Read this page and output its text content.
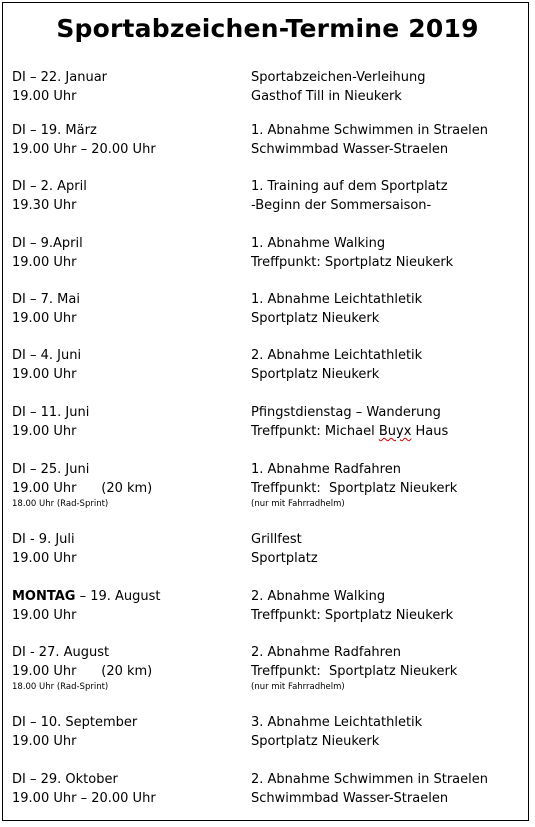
Sportabzeichen-Termine 2019
DI – 22. Januar
19.00 Uhr
Sportabzeichen-Verleihung
Gasthof Till in Nieukerk
DI – 19. März
19.00 Uhr – 20.00 Uhr
1. Abnahme Schwimmen in Straelen
Schwimmbad Wasser-Straelen
DI – 2. April
19.30 Uhr
1. Training auf dem Sportplatz
-Beginn der Sommersaison-
DI – 9.April
19.00 Uhr
1. Abnahme Walking
Treffpunkt: Sportplatz Nieukerk
DI – 7. Mai
19.00 Uhr
1. Abnahme Leichtathletik
Sportplatz Nieukerk
DI – 4. Juni
19.00 Uhr
2. Abnahme Leichtathletik
Sportplatz Nieukerk
DI – 11. Juni
19.00 Uhr
Pfingstdienstag – Wanderung
Treffpunkt: Michael Buyx Haus
DI – 25. Juni
19.00 Uhr      (20 km)
18.00 Uhr (Rad-Sprint)
1. Abnahme Radfahren
Treffpunkt:  Sportplatz Nieukerk
(nur mit Fahrradhelm)
DI - 9. Juli
19.00 Uhr
Grillfest
Sportplatz
MONTAG – 19. August
19.00 Uhr
2. Abnahme Walking
Treffpunkt: Sportplatz Nieukerk
DI - 27. August
19.00 Uhr      (20 km)
18.00 Uhr (Rad-Sprint)
2. Abnahme Radfahren
Treffpunkt:  Sportplatz Nieukerk
(nur mit Fahrradhelm)
DI – 10. September
19.00 Uhr
3. Abnahme Leichtathletik
Sportplatz Nieukerk
DI – 29. Oktober
19.00 Uhr – 20.00 Uhr
2. Abnahme Schwimmen in Straelen
Schwimmbad Wasser-Straelen
